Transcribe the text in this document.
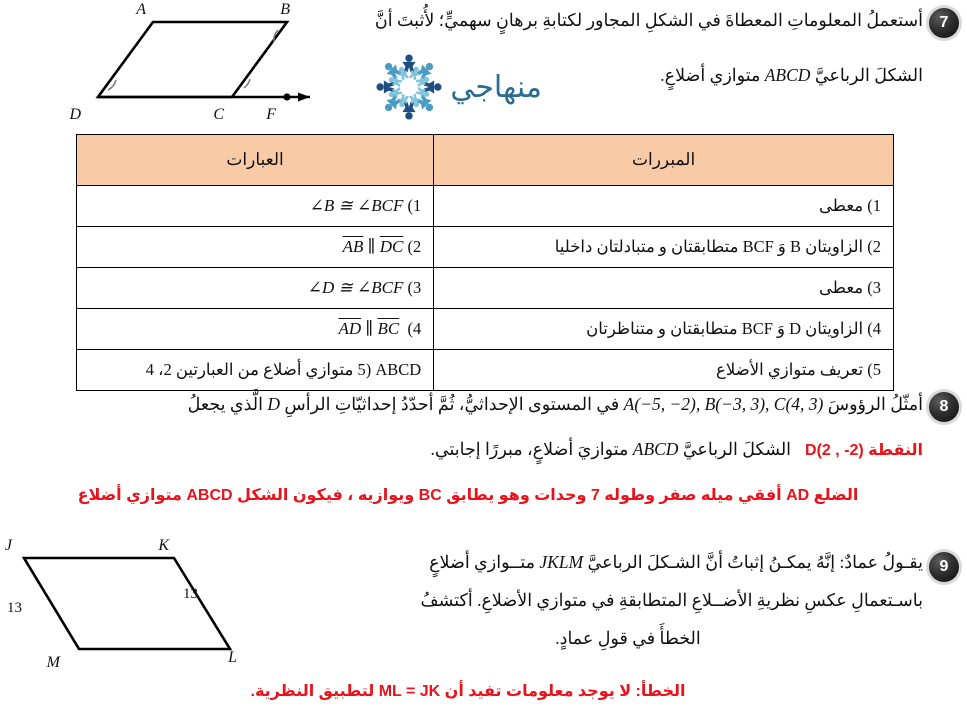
A	B
D	C	F
7
أستعملُ المعلوماتِ المعطاةَ في الشكلِ المجاور لكتابةِ برهانٍ سهميٍّ؛ لأُثبتَ أنَّ
الشكلَ الرباعيَّ ABCD متوازي أضلاعٍ.
منهاجي
المبررات	العبارات
1) معطى	1) ∠B ≅ ∠BCF
2) الزاويتان B وَ BCF متطابقتان و متبادلتان داخليا	2) $\overline{AB}$ ∥ $\overline{DC}$
3) معطى	3) ∠D ≅ ∠BCF
4) الزاويتان D وَ BCF متطابقتان و متناظرتان	4)  $\overline{AD}$ ∥ $\overline{BC}$
5) تعريف متوازي الأضلاع	5) ABCD متوازي أضلاع من العبارتين 2، 4
8
أمثّلُ الرؤوسَ A(−5, −2), B(−3, 3), C(4, 3) في المستوى الإحداثيُّ، ثُمَّ أحدّدُ إحداثيّاتِ الرأسِ D الَّذي يجعلُ
النقطة (2- , 2)D
الشكلَ الرباعيَّ ABCD متوازيَ أضلاعٍ، مبررًا إجابتي.
الضلع AD أفقي ميله صفر وطوله 7 وحدات وهو يطابق BC ويوازيه ، فيكون الشكل ABCD متوازي أضلاع
J	K
L
M
13
13
9
يقـولُ عمادٌ: إنَّهُ يمكـنُ إثباتُ أنَّ الشـكلَ الرباعيَّ JKLM متــوازي أضلاعٍ
باسـتعمالِ عكسِ نظريةِ الأضــلاعِ المتطابقةِ في متوازي الأضلاعِ. أكتشفُ
الخطأَ في قولِ عمادٍ.
الخطأ: لا يوجد معلومات تفيد أن ML = JK لتطبيق النظرية.
